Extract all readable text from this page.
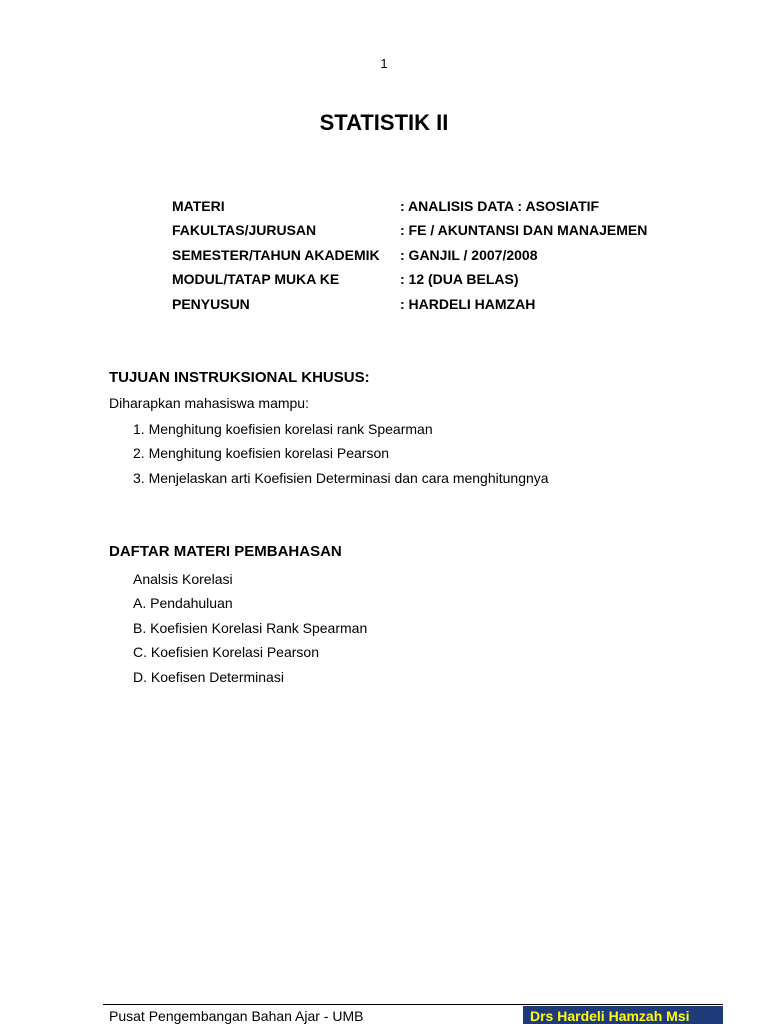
1
STATISTIK II
MATERI	: ANALISIS DATA : ASOSIATIF
FAKULTAS/JURUSAN	: FE / AKUNTANSI DAN MANAJEMEN
SEMESTER/TAHUN AKADEMIK : GANJIL / 2007/2008
MODUL/TATAP MUKA KE	: 12 (DUA BELAS)
PENYUSUN	: HARDELI HAMZAH
TUJUAN INSTRUKSIONAL KHUSUS:
Diharapkan mahasiswa mampu:
1. Menghitung koefisien korelasi rank Spearman
2. Menghitung koefisien korelasi Pearson
3. Menjelaskan arti Koefisien Determinasi dan cara menghitungnya
DAFTAR MATERI PEMBAHASAN
Analsis Korelasi
A. Pendahuluan
B. Koefisien Korelasi Rank Spearman
C. Koefisien Korelasi Pearson
D. Koefisen Determinasi
Pusat Pengembangan Bahan Ajar - UMB	Drs Hardeli Hamzah Msi
